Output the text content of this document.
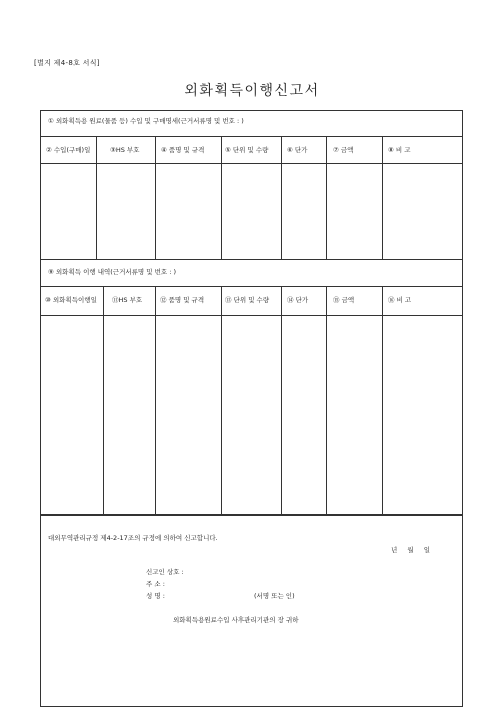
[별지 제4-8호 서식]
외화획득이행신고서
① 외화획득용 원료(물품 등) 수입 및 구매명세(근거서류명 및 번호 : )
② 수입(구매)일	③HS 부호	④ 품명 및 규격	⑤ 단위 및 수량	⑥ 단가	⑦ 금액	⑧ 비 고
⑨ 외화획득 이행 내역(근거서류명 및 번호 : )
⑩ 외화획득이행일 ⑪HS 부호	⑫ 품명 및 규격	⑬ 단위 및 수량	⑭ 단가	⑮ 금액	⑯ 비 고
대외무역관리규정 제4-2-17조의 규정에 의하여 신고합니다.
년 월 일
신고인 상호 :
주 소 :
성 명 :	(서명 또는 인)
외화획득용원료수입 사후관리기관의 장 귀하
